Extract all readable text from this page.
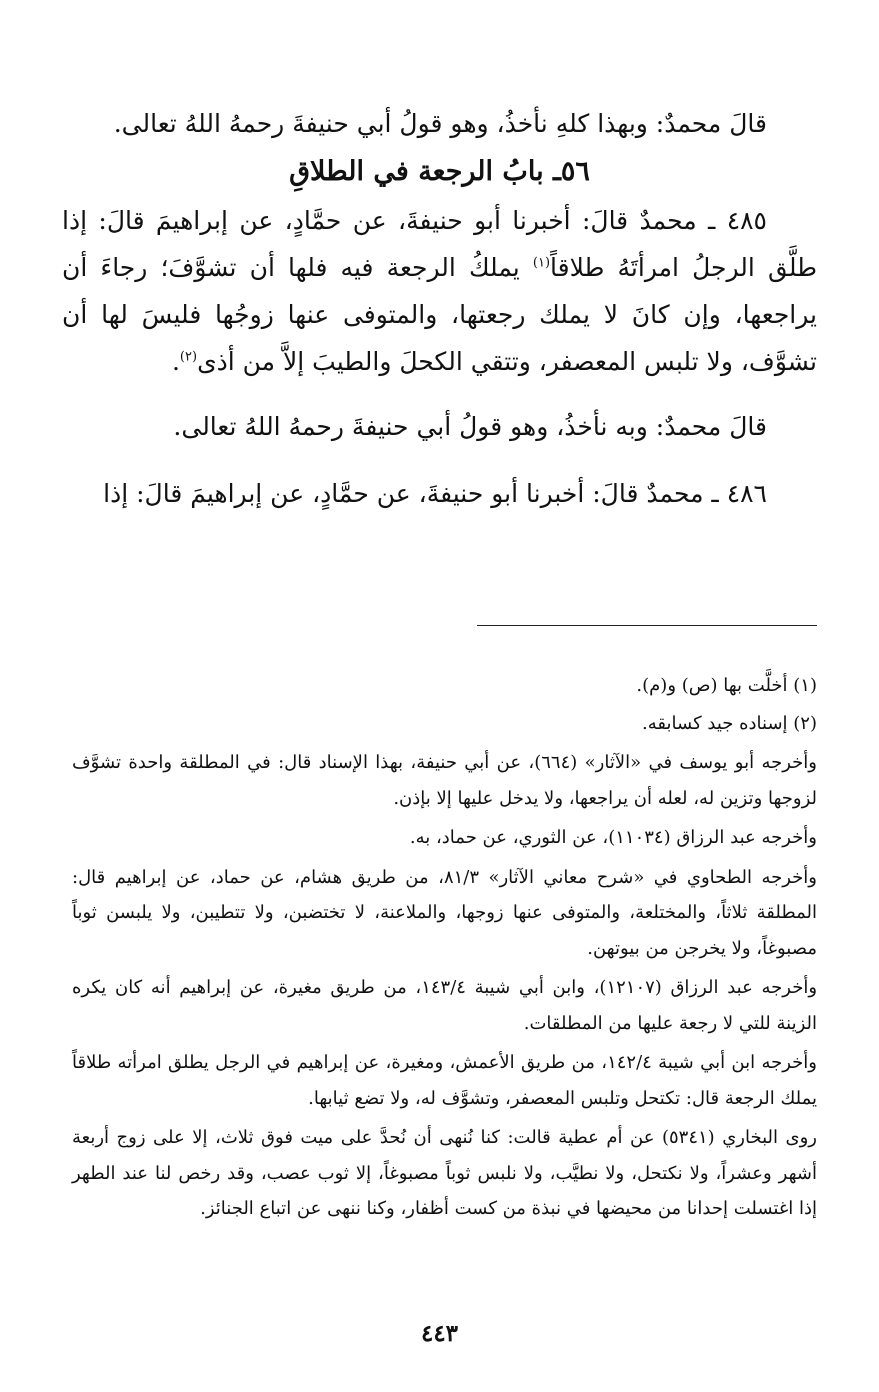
قالَ محمدٌ: وبهذا كلهِ نأخذُ، وهو قولُ أبي حنيفةَ رحمهُ اللهُ تعالى.

٥٦ـ بابُ الرجعة في الطلاقِ

٤٨٥ ـ محمدٌ قالَ: أخبرنا أبو حنيفةَ، عن حمَّادٍ، عن إبراهيمَ قالَ: إذا طلَّق الرجلُ امرأتَهُ طلاقاً$^{(١)}$ يملكُ الرجعة فيه فلها أن تشوَّفَ؛ رجاءَ أن يراجعها، وإن كانَ لا يملك رجعتها، والمتوفى عنها زوجُها فليسَ لها أن تشوَّف، ولا تلبس المعصفر، وتتقي الكحلَ والطيبَ إلاَّ من أذى$^{(٢)}$.

قالَ محمدٌ: وبه نأخذُ، وهو قولُ أبي حنيفةَ رحمهُ اللهُ تعالى.

٤٨٦ ـ محمدٌ قالَ: أخبرنا أبو حنيفةَ، عن حمَّادٍ، عن إبراهيمَ قالَ: إذا

(١) أخلَّت بها (ص) و(م).

(٢) إسناده جيد كسابقه.

وأخرجه أبو يوسف في «الآثار» (٦٦٤)، عن أبي حنيفة، بهذا الإسناد قال: في المطلقة واحدة تشوَّف لزوجها وتزين له، لعله أن يراجعها، ولا يدخل عليها إلا بإذن.

وأخرجه عبد الرزاق (١١٠٣٤)، عن الثوري، عن حماد، به.

وأخرجه الطحاوي في «شرح معاني الآثار» ٨١/٣، من طريق هشام، عن حماد، عن إبراهيم قال: المطلقة ثلاثاً، والمختلعة، والمتوفى عنها زوجها، والملاعنة، لا تختضبن، ولا تتطيبن، ولا يلبسن ثوباً مصبوغاً، ولا يخرجن من بيوتهن.

وأخرجه عبد الرزاق (١٢١٠٧)، وابن أبي شيبة ١٤٣/٤، من طريق مغيرة، عن إبراهيم أنه كان يكره الزينة للتي لا رجعة عليها من المطلقات.

وأخرجه ابن أبي شيبة ١٤٢/٤، من طريق الأعمش، ومغيرة، عن إبراهيم في الرجل يطلق امرأته طلاقاً يملك الرجعة قال: تكتحل وتلبس المعصفر، وتشوَّف له، ولا تضع ثيابها.

روى البخاري (٥٣٤١) عن أم عطية قالت: كنا نُنهى أن نُحدَّ على ميت فوق ثلاث، إلا على زوج أربعة أشهر وعشراً، ولا نكتحل، ولا نطيَّب، ولا نلبس ثوباً مصبوغاً، إلا ثوب عصب، وقد رخص لنا عند الطهر إذا اغتسلت إحدانا من محيضها في نبذة من كست أظفار، وكنا ننهى عن اتباع الجنائز.

٤٤٣
